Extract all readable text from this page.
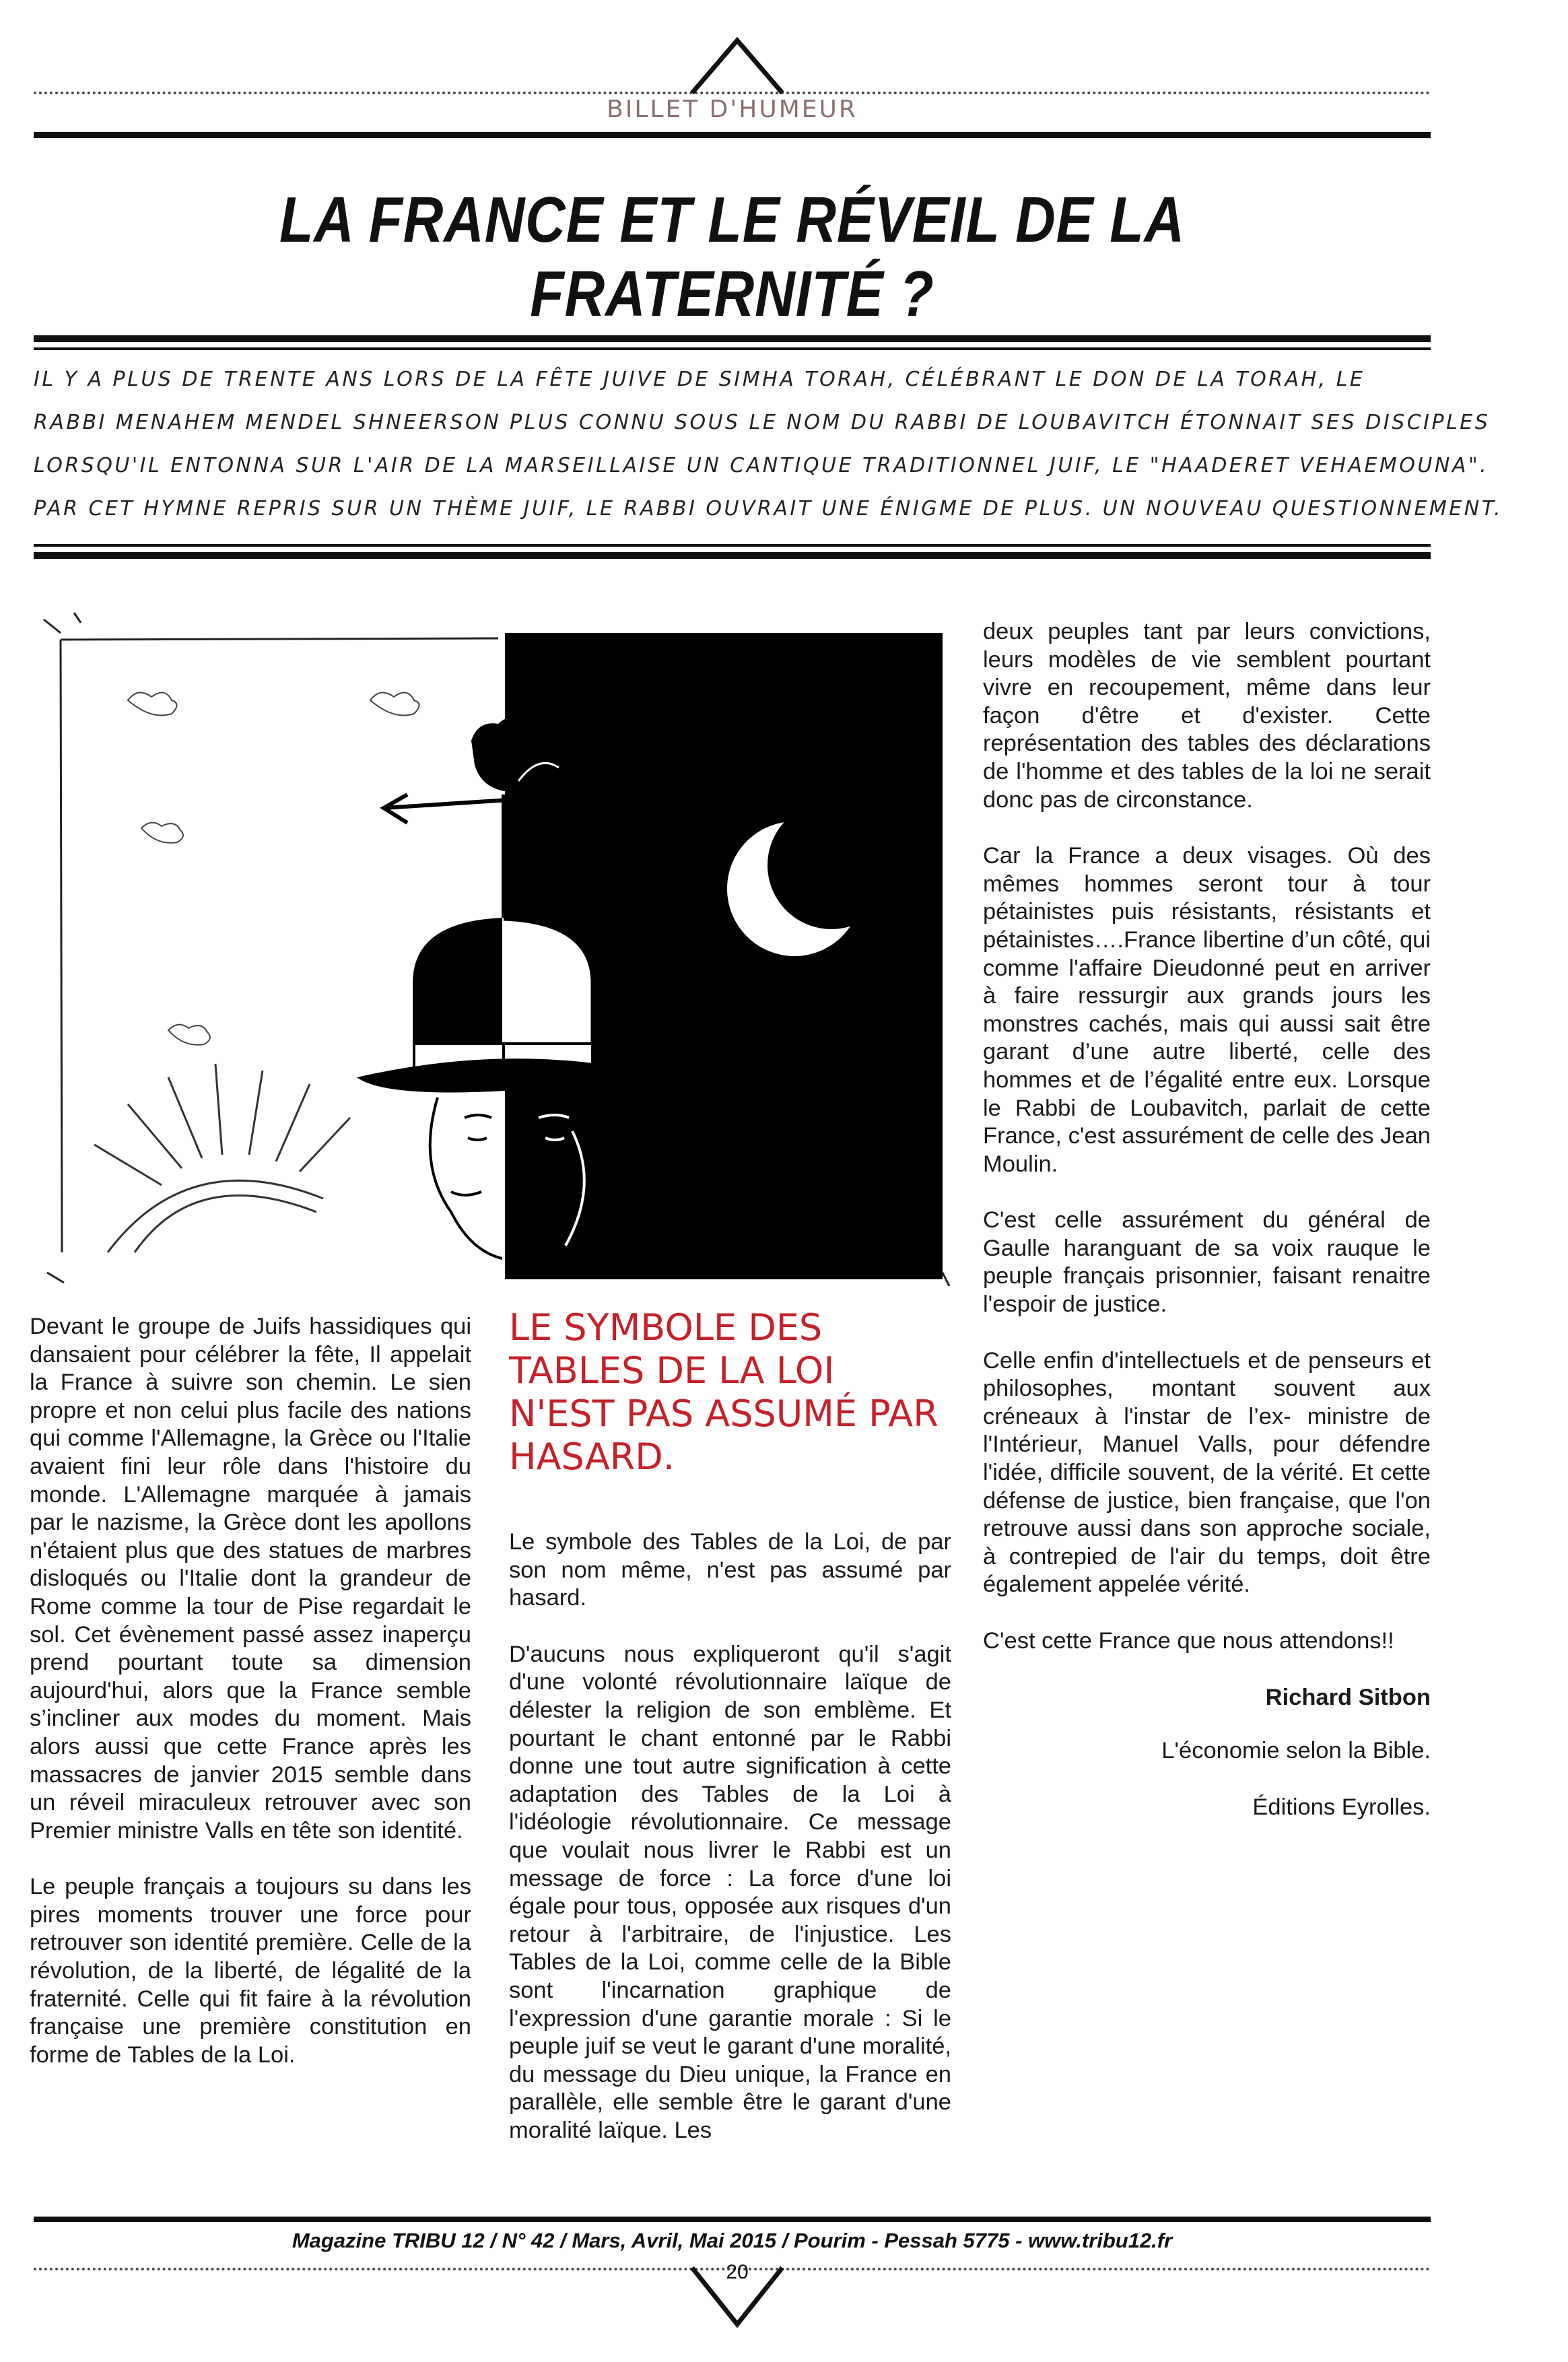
BILLET D'HUMEUR
LA FRANCE ET LE RÉVEIL DE LA FRATERNITÉ ?

IL Y A PLUS DE TRENTE ANS LORS DE LA FÊTE JUIVE DE SIMHA TORAH, CÉLÉBRANT LE DON DE LA TORAH, LE

RABBI MENAHEM MENDEL SHNEERSON PLUS CONNU SOUS LE NOM DU RABBI DE LOUBAVITCH ÉTONNAIT SES DISCIPLES

LORSQU'IL ENTONNA SUR L'AIR DE LA MARSEILLAISE UN CANTIQUE TRADITIONNEL JUIF, LE "HAADERET VEHAEMOUNA".

PAR CET HYMNE REPRIS SUR UN THÈME JUIF, LE RABBI OUVRAIT UNE ÉNIGME DE PLUS. UN NOUVEAU QUESTIONNEMENT.

Devant le groupe de Juifs hassidiques qui dansaient pour célébrer la fête, Il appelait la France à suivre son chemin. Le sien propre et non celui plus facile des nations qui comme l'Allemagne, la Grèce ou l'Italie avaient fini leur rôle dans l'histoire du monde. L'Allemagne marquée à jamais par le nazisme, la Grèce dont les apollons n'étaient plus que des statues de marbres disloqués ou l'Italie dont la grandeur de Rome comme la tour de Pise regardait le sol. Cet évènement passé assez inaperçu prend pourtant toute sa dimension aujourd'hui, alors que la France semble s’incliner aux modes du moment. Mais alors aussi que cette France après les massacres de janvier 2015 semble dans un réveil miraculeux retrouver avec son Premier ministre Valls en tête son identité.

Le peuple français a toujours su dans les pires moments trouver une force pour retrouver son identité première. Celle de la révolution, de la liberté, de légalité de la fraternité. Celle qui fit faire à la révolution française une première constitution en forme de Tables de la Loi.

LE SYMBOLE DES TABLES DE LA LOI N'EST PAS ASSUMÉ PAR HASARD.

Le symbole des Tables de la Loi, de par son nom même, n'est pas assumé par hasard.

D'aucuns nous expliqueront qu'il s'agit d'une volonté révolutionnaire laïque de délester la religion de son emblème. Et pourtant le chant entonné par le Rabbi donne une tout autre signification à cette adaptation des Tables de la Loi à l'idéologie révolutionnaire. Ce message que voulait nous livrer le Rabbi est un message de force : La force d'une loi égale pour tous, opposée aux risques d'un retour à l'arbitraire, de l'injustice. Les Tables de la Loi, comme celle de la Bible sont l'incarnation graphique de l'expression d'une garantie morale : Si le peuple juif se veut le garant d'une moralité, du message du Dieu unique, la France en parallèle, elle semble être le garant d'une moralité laïque. Les

deux peuples tant par leurs convictions, leurs modèles de vie semblent pourtant vivre en recoupement, même dans leur façon d'être et d'exister. Cette représentation des tables des déclarations de l'homme et des tables de la loi ne serait donc pas de circonstance.

Car la France a deux visages. Où des mêmes hommes seront tour à tour pétainistes puis résistants, résistants et pétainistes….France libertine d’un côté, qui comme l'affaire Dieudonné peut en arriver à faire ressurgir aux grands jours les monstres cachés, mais qui aussi sait être garant d’une autre liberté, celle des hommes et de l’égalité entre eux. Lorsque le Rabbi de Loubavitch, parlait de cette France, c'est assurément de celle des Jean Moulin.

C'est celle assurément du général de Gaulle haranguant de sa voix rauque le peuple français prisonnier, faisant renaitre l'espoir de justice.

Celle enfin d'intellectuels et de penseurs et philosophes, montant souvent aux créneaux à l'instar de l’ex- ministre de l'Intérieur, Manuel Valls, pour défendre l'idée, difficile souvent, de la vérité. Et cette défense de justice, bien française, que l'on retrouve aussi dans son approche sociale, à contrepied de l'air du temps, doit être également appelée vérité.

C'est cette France que nous attendons!!

Richard Sitbon

L'économie selon la Bible.

Éditions Eyrolles.

Magazine TRIBU 12 / N° 42 / Mars, Avril, Mai 2015 / Pourim - Pessah 5775 - www.tribu12.fr
20
